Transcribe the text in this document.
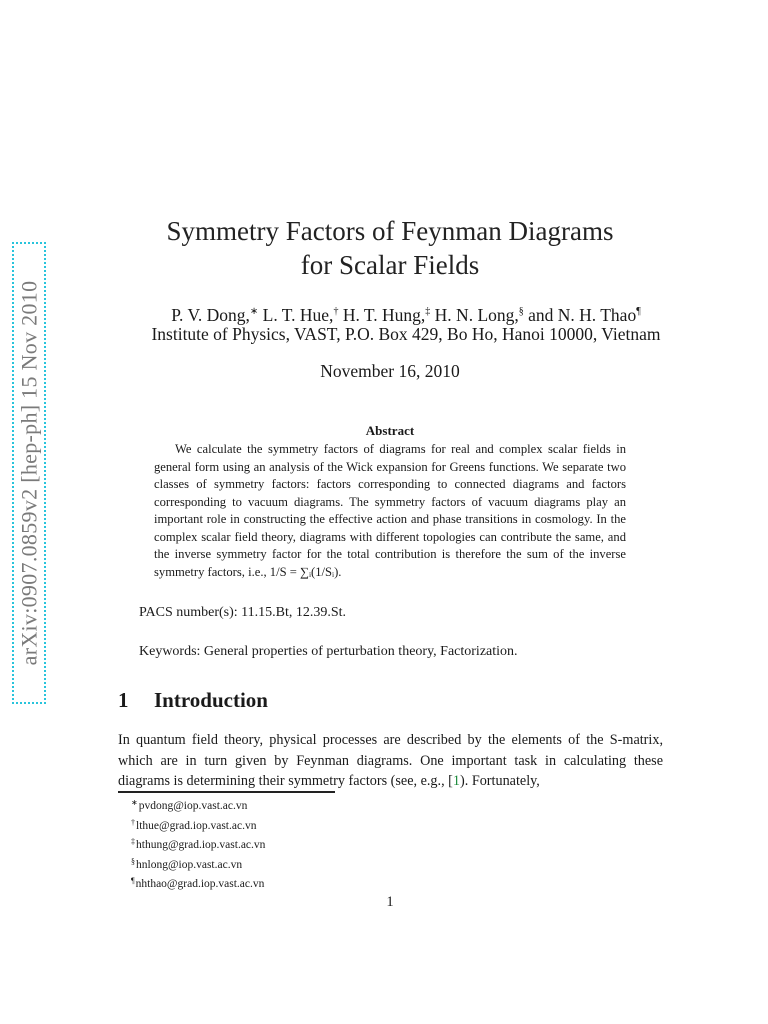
arXiv:0907.0859v2 [hep-ph] 15 Nov 2010
Symmetry Factors of Feynman Diagrams
for Scalar Fields
P. V. Dong,∗ L. T. Hue,† H. T. Hung,‡ H. N. Long,§ and N. H. Thao¶
Institute of Physics, VAST, P.O. Box 429, Bo Ho, Hanoi 10000, Vietnam
November 16, 2010
Abstract
We calculate the symmetry factors of diagrams for real and complex scalar fields in general form using an analysis of the Wick expansion for Greens functions. We separate two classes of symmetry factors: factors corresponding to connected diagrams and factors corresponding to vacuum diagrams. The symmetry factors of vacuum diagrams play an important role in constructing the effective action and phase transitions in cosmology. In the complex scalar field theory, diagrams with different topologies can contribute the same, and the inverse symmetry factor for the total contribution is therefore the sum of the inverse symmetry factors, i.e., 1/S = ∑ᵢ(1/Sᵢ).
PACS number(s): 11.15.Bt, 12.39.St.
Keywords: General properties of perturbation theory, Factorization.
1 Introduction
In quantum field theory, physical processes are described by the elements of the S-matrix, which are in turn given by Feynman diagrams. One important task in calculating these diagrams is determining their symmetry factors (see, e.g., [1). Fortunately,
∗pvdong@iop.vast.ac.vn
†lthue@grad.iop.vast.ac.vn
‡hthung@grad.iop.vast.ac.vn
§hnlong@iop.vast.ac.vn
¶nhthao@grad.iop.vast.ac.vn
1
